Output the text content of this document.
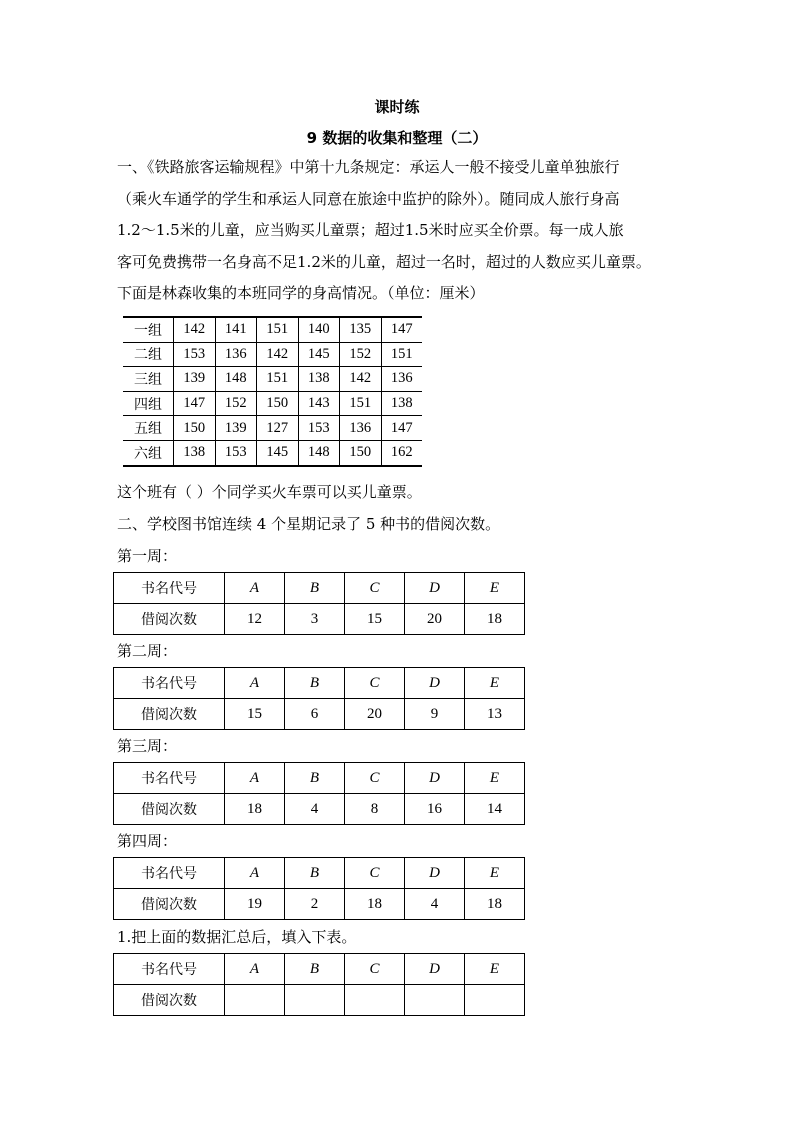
课时练
9 数据的收集和整理（二）

一、《铁路旅客运输规程》中第十九条规定：承运人一般不接受儿童单独旅行

（乘火车通学的学生和承运人同意在旅途中监护的除外）。随同成人旅行身高

1.2～1.5米的儿童，应当购买儿童票；超过1.5米时应买全价票。每一成人旅

客可免费携带一名身高不足1.2米的儿童，超过一名时，超过的人数应买儿童票。

下面是林森收集的本班同学的身高情况。（单位：厘米）

一组	142	141	151	140	135	147
二组	153	136	142	145	152	151
三组	139	148	151	138	142	136
四组	147	152	150	143	151	138
五组	150	139	127	153	136	147
六组	138	153	145	148	150	162
这个班有（ ）个同学买火车票可以买儿童票。
二、学校图书馆连续 4 个星期记录了 5 种书的借阅次数。
第一周：
书名代号	A	B	C	D	E
借阅次数	12	3	15	20	18
第二周：
书名代号	A	B	C	D	E
借阅次数	15	6	20	9	13
第三周：
书名代号	A	B	C	D	E
借阅次数	18	4	8	16	14
第四周：
书名代号	A	B	C	D	E
借阅次数	19	2	18	4	18
1.把上面的数据汇总后，填入下表。
书名代号	A	B	C	D	E
借阅次数					
